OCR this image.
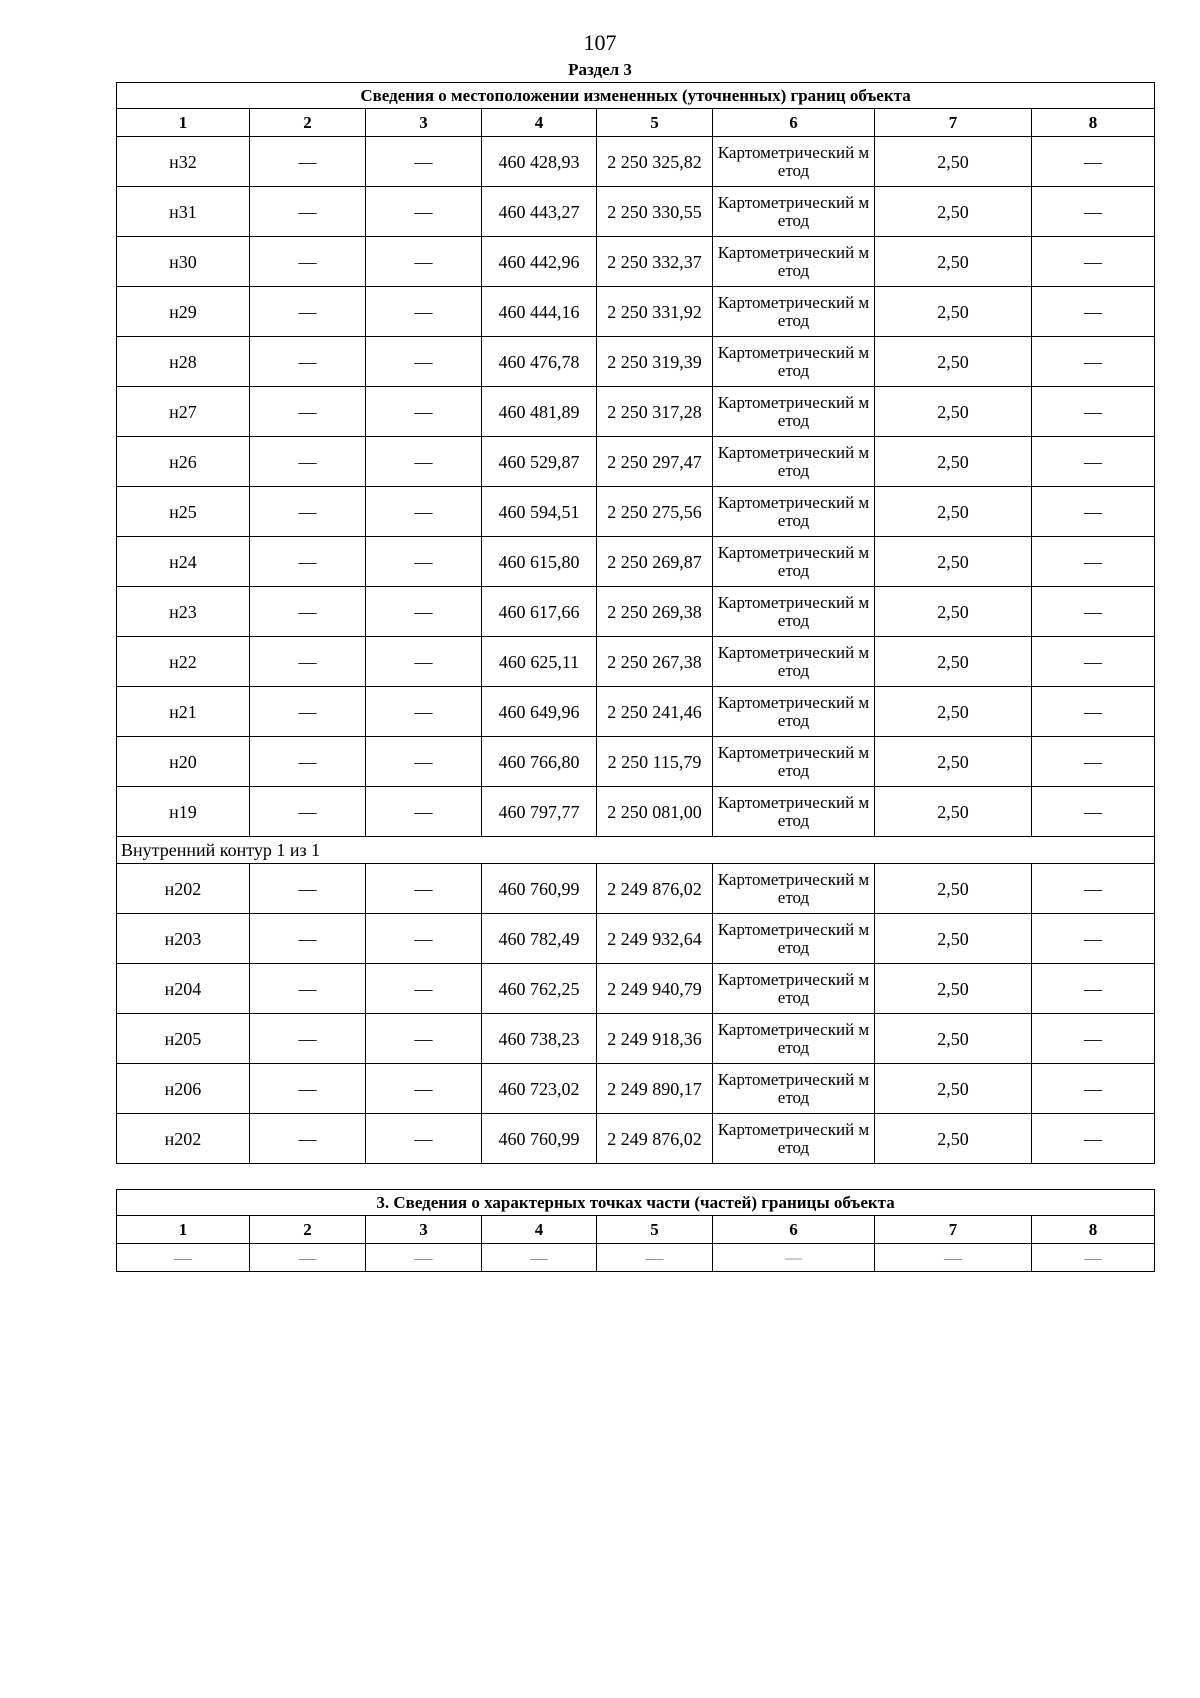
107
Раздел 3
Сведения о местоположении измененных (уточненных) границ объекта							
1	2	3	4	5	6	7	8
н32	—	—	460 428,93	2 250 325,82	Картометрический метод	2,50	—
н31	—	—	460 443,27	2 250 330,55	Картометрический метод	2,50	—
н30	—	—	460 442,96	2 250 332,37	Картометрический метод	2,50	—
н29	—	—	460 444,16	2 250 331,92	Картометрический метод	2,50	—
н28	—	—	460 476,78	2 250 319,39	Картометрический метод	2,50	—
н27	—	—	460 481,89	2 250 317,28	Картометрический метод	2,50	—
н26	—	—	460 529,87	2 250 297,47	Картометрический метод	2,50	—
н25	—	—	460 594,51	2 250 275,56	Картометрический метод	2,50	—
н24	—	—	460 615,80	2 250 269,87	Картометрический метод	2,50	—
н23	—	—	460 617,66	2 250 269,38	Картометрический метод	2,50	—
н22	—	—	460 625,11	2 250 267,38	Картометрический метод	2,50	—
н21	—	—	460 649,96	2 250 241,46	Картометрический метод	2,50	—
н20	—	—	460 766,80	2 250 115,79	Картометрический метод	2,50	—
н19	—	—	460 797,77	2 250 081,00	Картометрический метод	2,50	—
Внутренний контур 1 из 1							
н202	—	—	460 760,99	2 249 876,02	Картометрический метод	2,50	—
н203	—	—	460 782,49	2 249 932,64	Картометрический метод	2,50	—
н204	—	—	460 762,25	2 249 940,79	Картометрический метод	2,50	—
н205	—	—	460 738,23	2 249 918,36	Картометрический метод	2,50	—
н206	—	—	460 723,02	2 249 890,17	Картометрический метод	2,50	—
н202	—	—	460 760,99	2 249 876,02	Картометрический метод	2,50	—
3. Сведения о характерных точках части (частей) границы объекта							
1	2	3	4	5	6	7	8
—	—	—	—	—	—	—	—
